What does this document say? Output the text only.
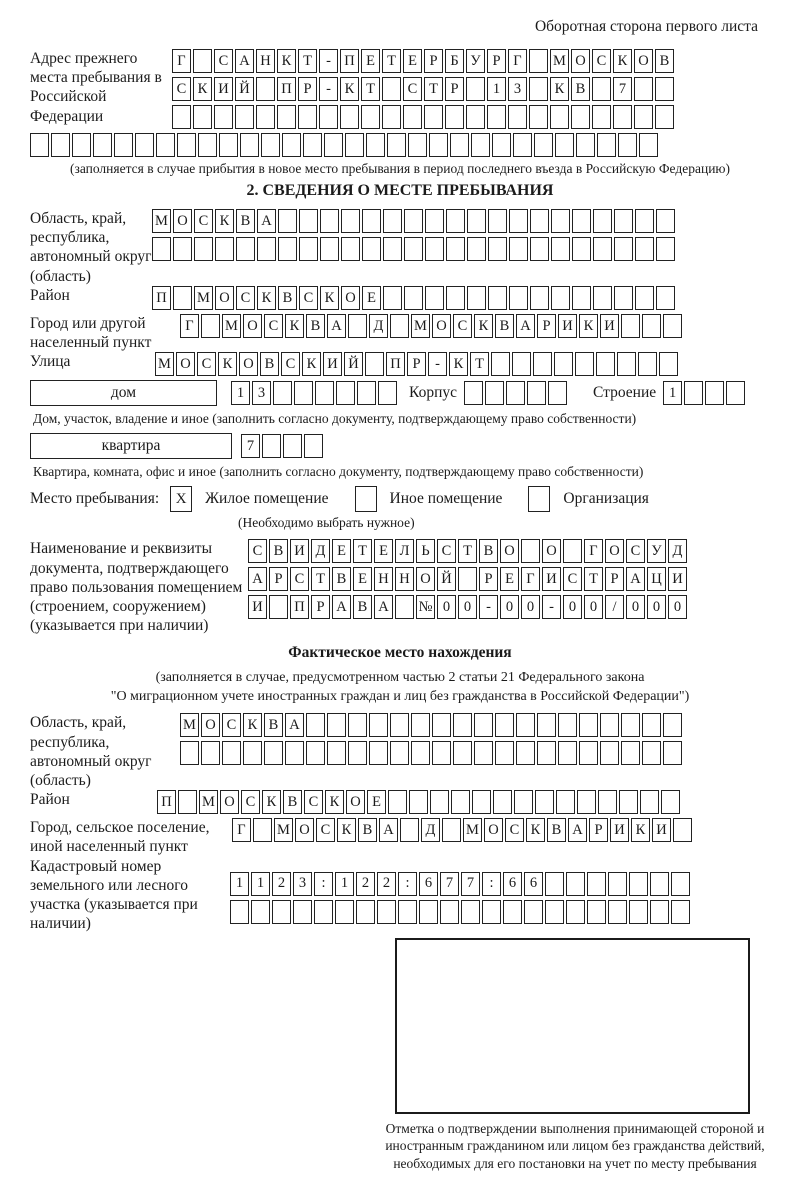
Оборотная сторона первого листа
Адрес прежнего места пребывания в Российской Федерации
Г	С А Н К Т - П Е Т Е Р Б У Р Г	М О С К О В
С К И Й П Р	- К Т	С Т Р	1 3	К В	7
(заполняется в случае прибытия в новое место пребывания в период последнего въезда в Российскую Федерацию)
2. СВЕДЕНИЯ О МЕСТЕ ПРЕБЫВАНИЯ
Область, край, республика, автономный округ (область)
М О С К В А
Район	П М О С К В С К О Е
Город или другой населенный пункт
Г	М О С К В А	Д	М О С К В А Р И К И
Улица	М О С К О В С К И Й П Р	- К Т
дом	1 3	Корпус	Строение 1
Дом, участок, владение и иное (заполнить согласно документу, подтверждающему право собственности)
квартира	7
Квартира, комната, офис и иное (заполнить согласно документу, подтверждающему право собственности)
Место пребывания:	X	Жилое помещение	Иное помещение	Организация
(Необходимо выбрать нужное)
Наименование и реквизиты документа, подтверждающего право пользования помещением (строением, сооружением) (указывается при наличии)
С В И Д Е Т Е Л Ь С Т В О О	Г О С У Д
А Р С Т В Е Н Н О Й	Р Е Г И С Т Р А Ц И
И П Р А В А № 0 0	-	0 0	-	0 0	/	0 0 0
Фактическое место нахождения
(заполняется в случае, предусмотренном частью 2 статьи 21 Федерального закона
"О миграционном учете иностранных граждан и лиц без гражданства в Российской Федерации")
Область, край, республика, автономный округ (область)
М О С К В А
Район	П М О С К В С К О Е
Город, сельское поселение, иной населенный пункт
Г	М О С К В А	Д	М О С К В А Р И К И
Кадастровый номер земельного или лесного участка (указывается при наличии)
1 1 2 3	:	1 2 2	:	6 7 7	:	6 6
Отметка о подтверждении выполнения принимающей стороной и иностранным гражданином или лицом без гражданства действий, необходимых для его постановки на учет по месту пребывания
